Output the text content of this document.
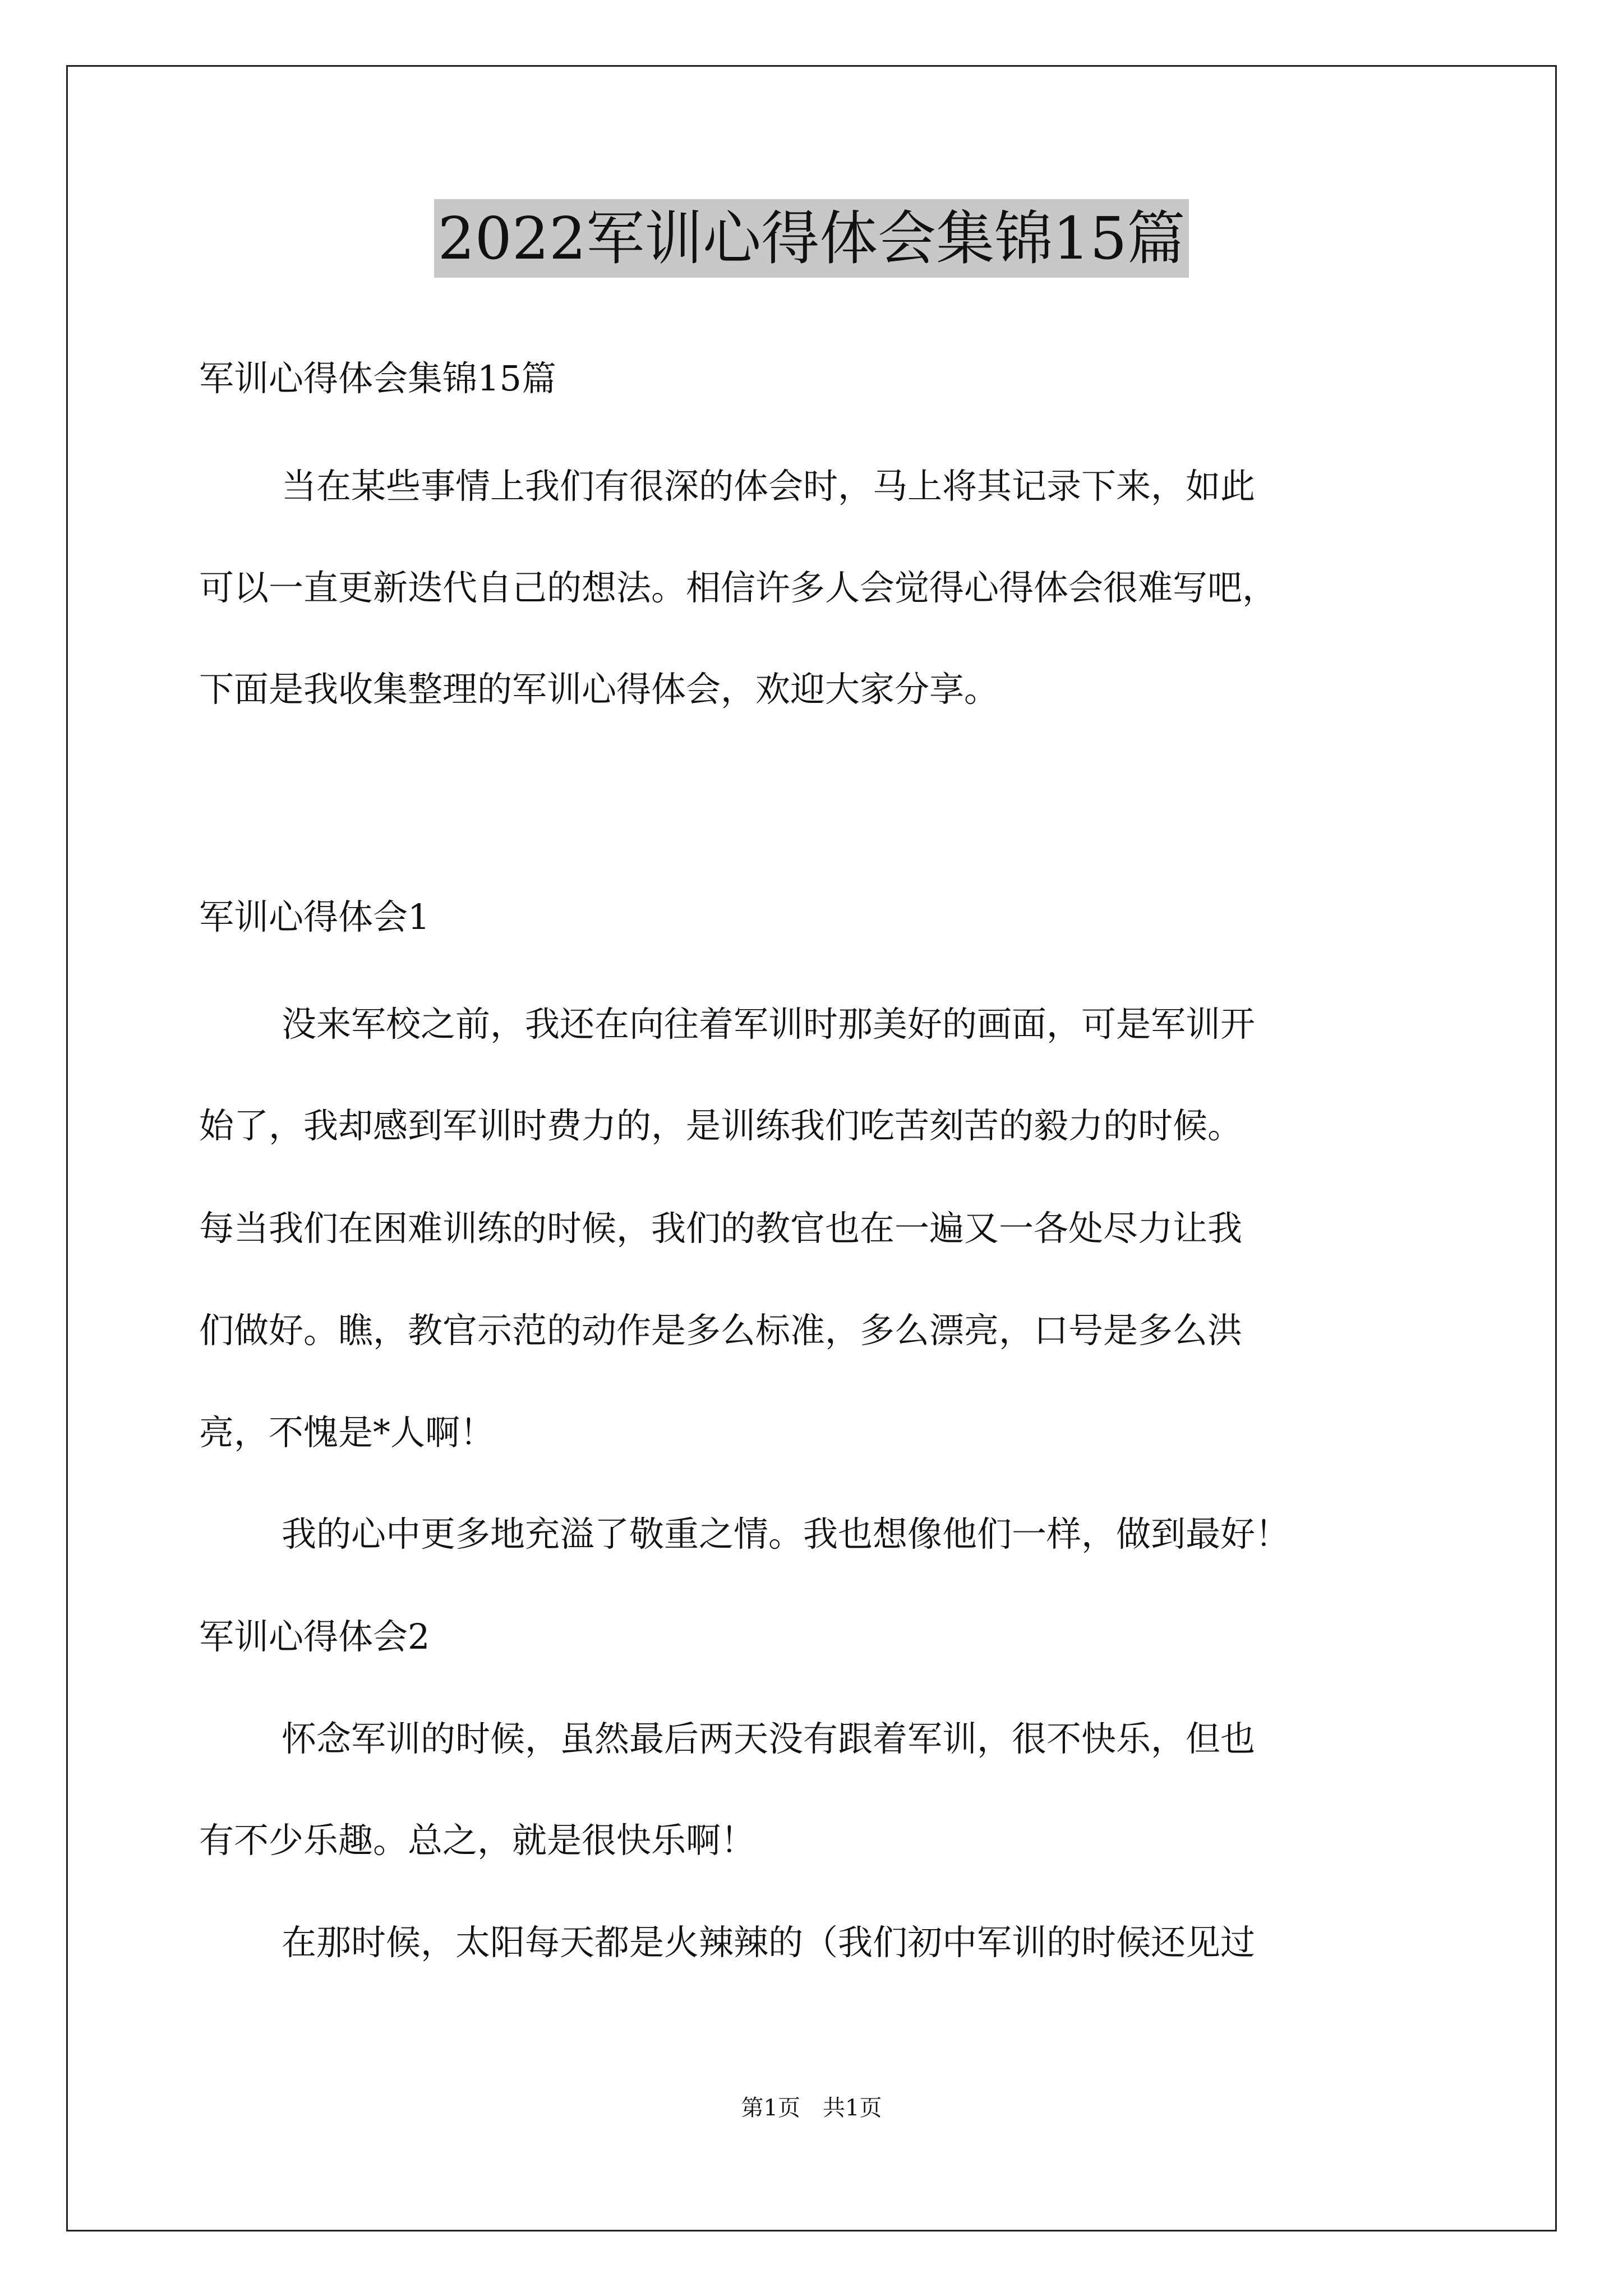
2022军训心得体会集锦15篇
军训心得体会集锦15篇
当在某些事情上我们有很深的体会时，马上将其记录下来，如此
可以一直更新迭代自己的想法。相信许多人会觉得心得体会很难写吧，
下面是我收集整理的军训心得体会，欢迎大家分享。
军训心得体会1
没来军校之前，我还在向往着军训时那美好的画面，可是军训开
始了，我却感到军训时费力的，是训练我们吃苦刻苦的毅力的时候。
每当我们在困难训练的时候，我们的教官也在一遍又一各处尽力让我
们做好。瞧，教官示范的动作是多么标准，多么漂亮，口号是多么洪
亮，不愧是*人啊！
我的心中更多地充溢了敬重之情。我也想像他们一样，做到最好！
军训心得体会2
怀念军训的时候，虽然最后两天没有跟着军训，很不快乐，但也
有不少乐趣。总之，就是很快乐啊！
在那时候，太阳每天都是火辣辣的（我们初中军训的时候还见过
第1页　共1页
